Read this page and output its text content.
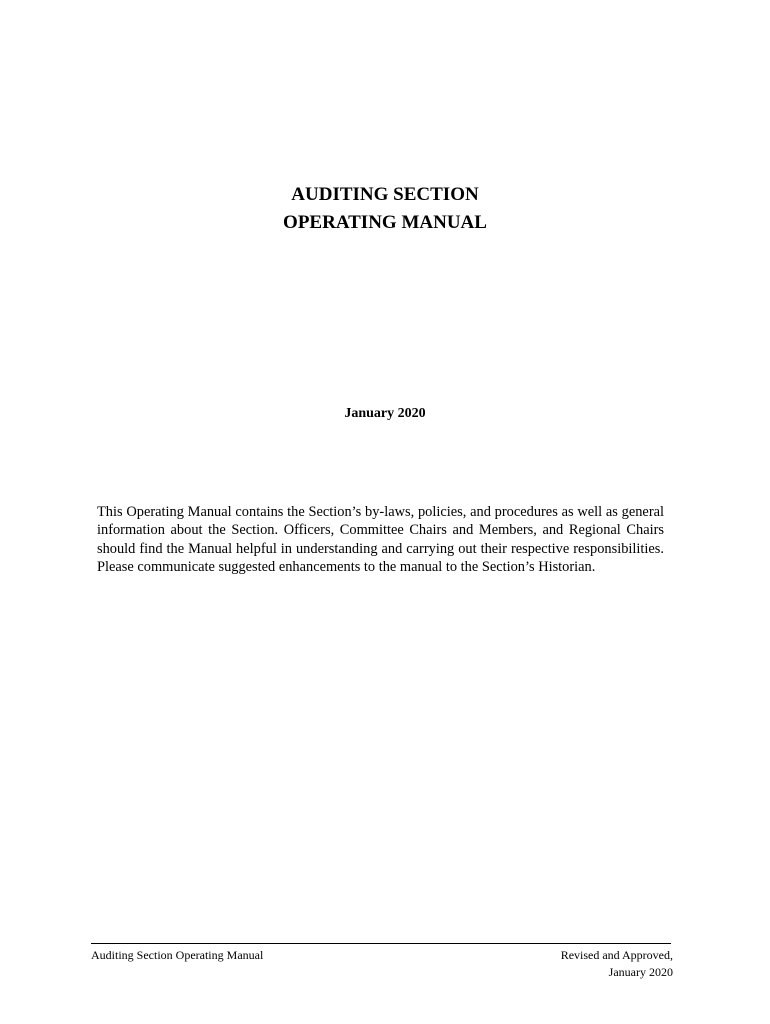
AUDITING SECTION
OPERATING MANUAL
January 2020

This Operating Manual contains the Section’s by-laws, policies, and procedures as well as general information about the Section. Officers, Committee Chairs and Members, and Regional Chairs should find the Manual helpful in understanding and carrying out their respective responsibilities. Please communicate suggested enhancements to the manual to the Section’s Historian.

Auditing Section Operating Manual	Revised and Approved,
January 2020
